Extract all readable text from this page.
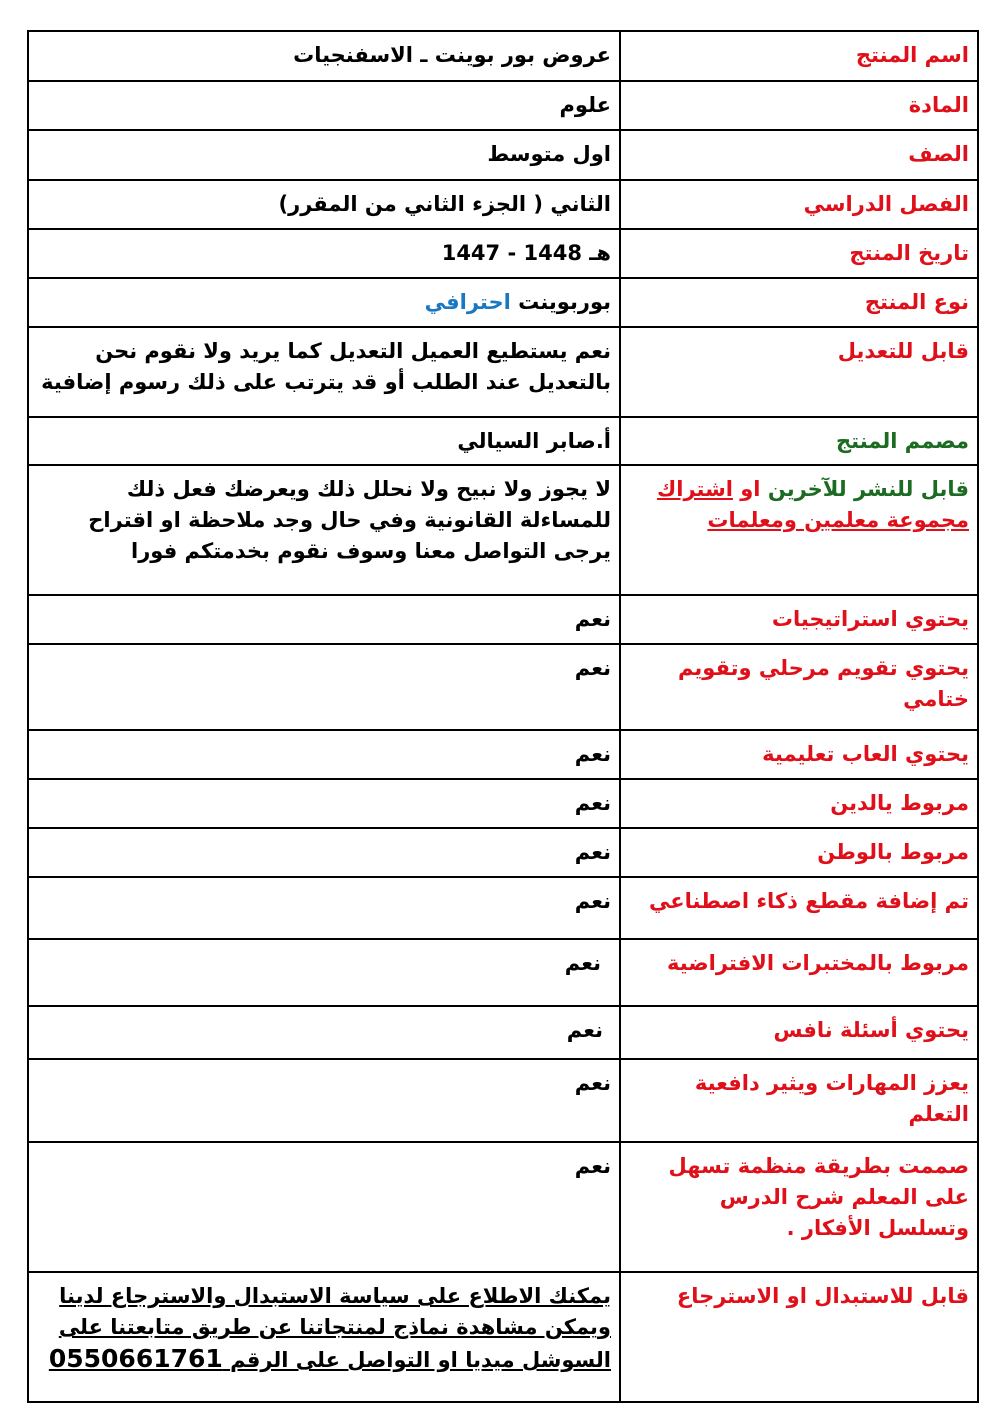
اسم المنتج	عروض بور بوينت ـ الاسفنجيات
المادة	علوم
الصف	اول متوسط
الفصل الدراسي	الثاني ( الجزء الثاني من المقرر)
تاريخ المنتج	1447 - 1448 هـ
نوع المنتج	بوربوينت احترافي
قابل للتعديل	نعم يستطيع العميل التعديل كما يريد ولا نقوم نحن بالتعديل عند الطلب أو قد يترتب على ذلك رسوم إضافية
مصمم المنتج	أ.صابر السيالي
قابل للنشر للآخرين او اشتراك مجموعة معلمين ومعلمات	لا يجوز ولا نبيح ولا نحلل ذلك ويعرضك فعل ذلك للمساءلة القانونية وفي حال وجد ملاحظة او اقتراح يرجى التواصل معنا وسوف نقوم بخدمتكم فورا
يحتوي استراتيجيات	نعم
يحتوي تقويم مرحلي وتقويم ختامي	نعم
يحتوي العاب تعليمية	نعم
مربوط يالدين	نعم
مربوط بالوطن	نعم
تم إضافة مقطع ذكاء اصطناعي	نعم
مربوط بالمختبرات الافتراضية	نعم
يحتوي أسئلة نافس	نعم
يعزز المهارات ويثير دافعية التعلم	نعم
صممت بطريقة منظمة تسهل على المعلم شرح الدرس وتسلسل الأفكار .	نعم
قابل للاستبدال او الاسترجاع	يمكنك الاطلاع على سياسة الاستبدال والاسترجاع لدينا ويمكن مشاهدة نماذج لمنتجاتنا عن طريق متابعتنا على السوشل ميديا او التواصل على الرقم 0550661761
